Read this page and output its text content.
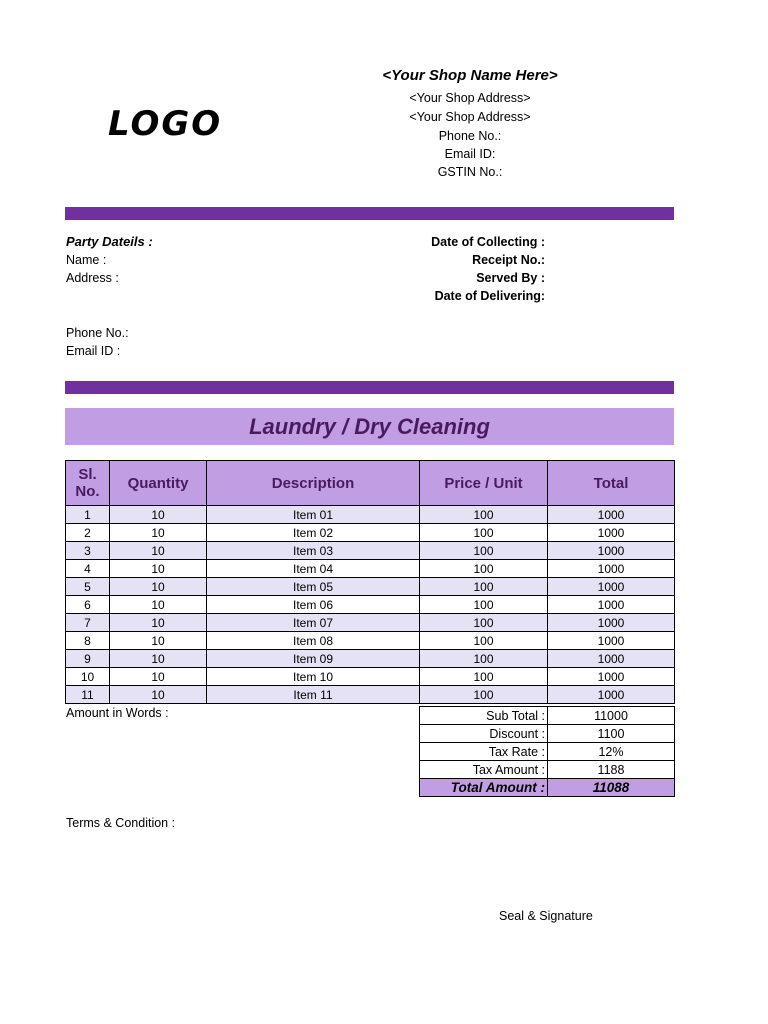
LOGO
<Your Shop Name Here>
<Your Shop Address>
<Your Shop Address>
Phone No.:
Email ID:
GSTIN No.:
Party Dateils :
Name :
Address :
Phone No.:
Email ID :
Date of Collecting :
Receipt No.:
Served By :
Date of Delivering:
Laundry / Dry Cleaning
Sl. No.	Quantity	Description	Price / Unit	Total
1	10	Item 01	100	1000
2	10	Item 02	100	1000
3	10	Item 03	100	1000
4	10	Item 04	100	1000
5	10	Item 05	100	1000
6	10	Item 06	100	1000
7	10	Item 07	100	1000
8	10	Item 08	100	1000
9	10	Item 09	100	1000
10	10	Item 10	100	1000
11	10	Item 11	100	1000
Amount in Words :	Sub Total :	11000
Discount :	1100
Tax Rate :	12%
Tax Amount :	1188
Total Amount :	11088
Terms & Condition :
Seal & Signature
